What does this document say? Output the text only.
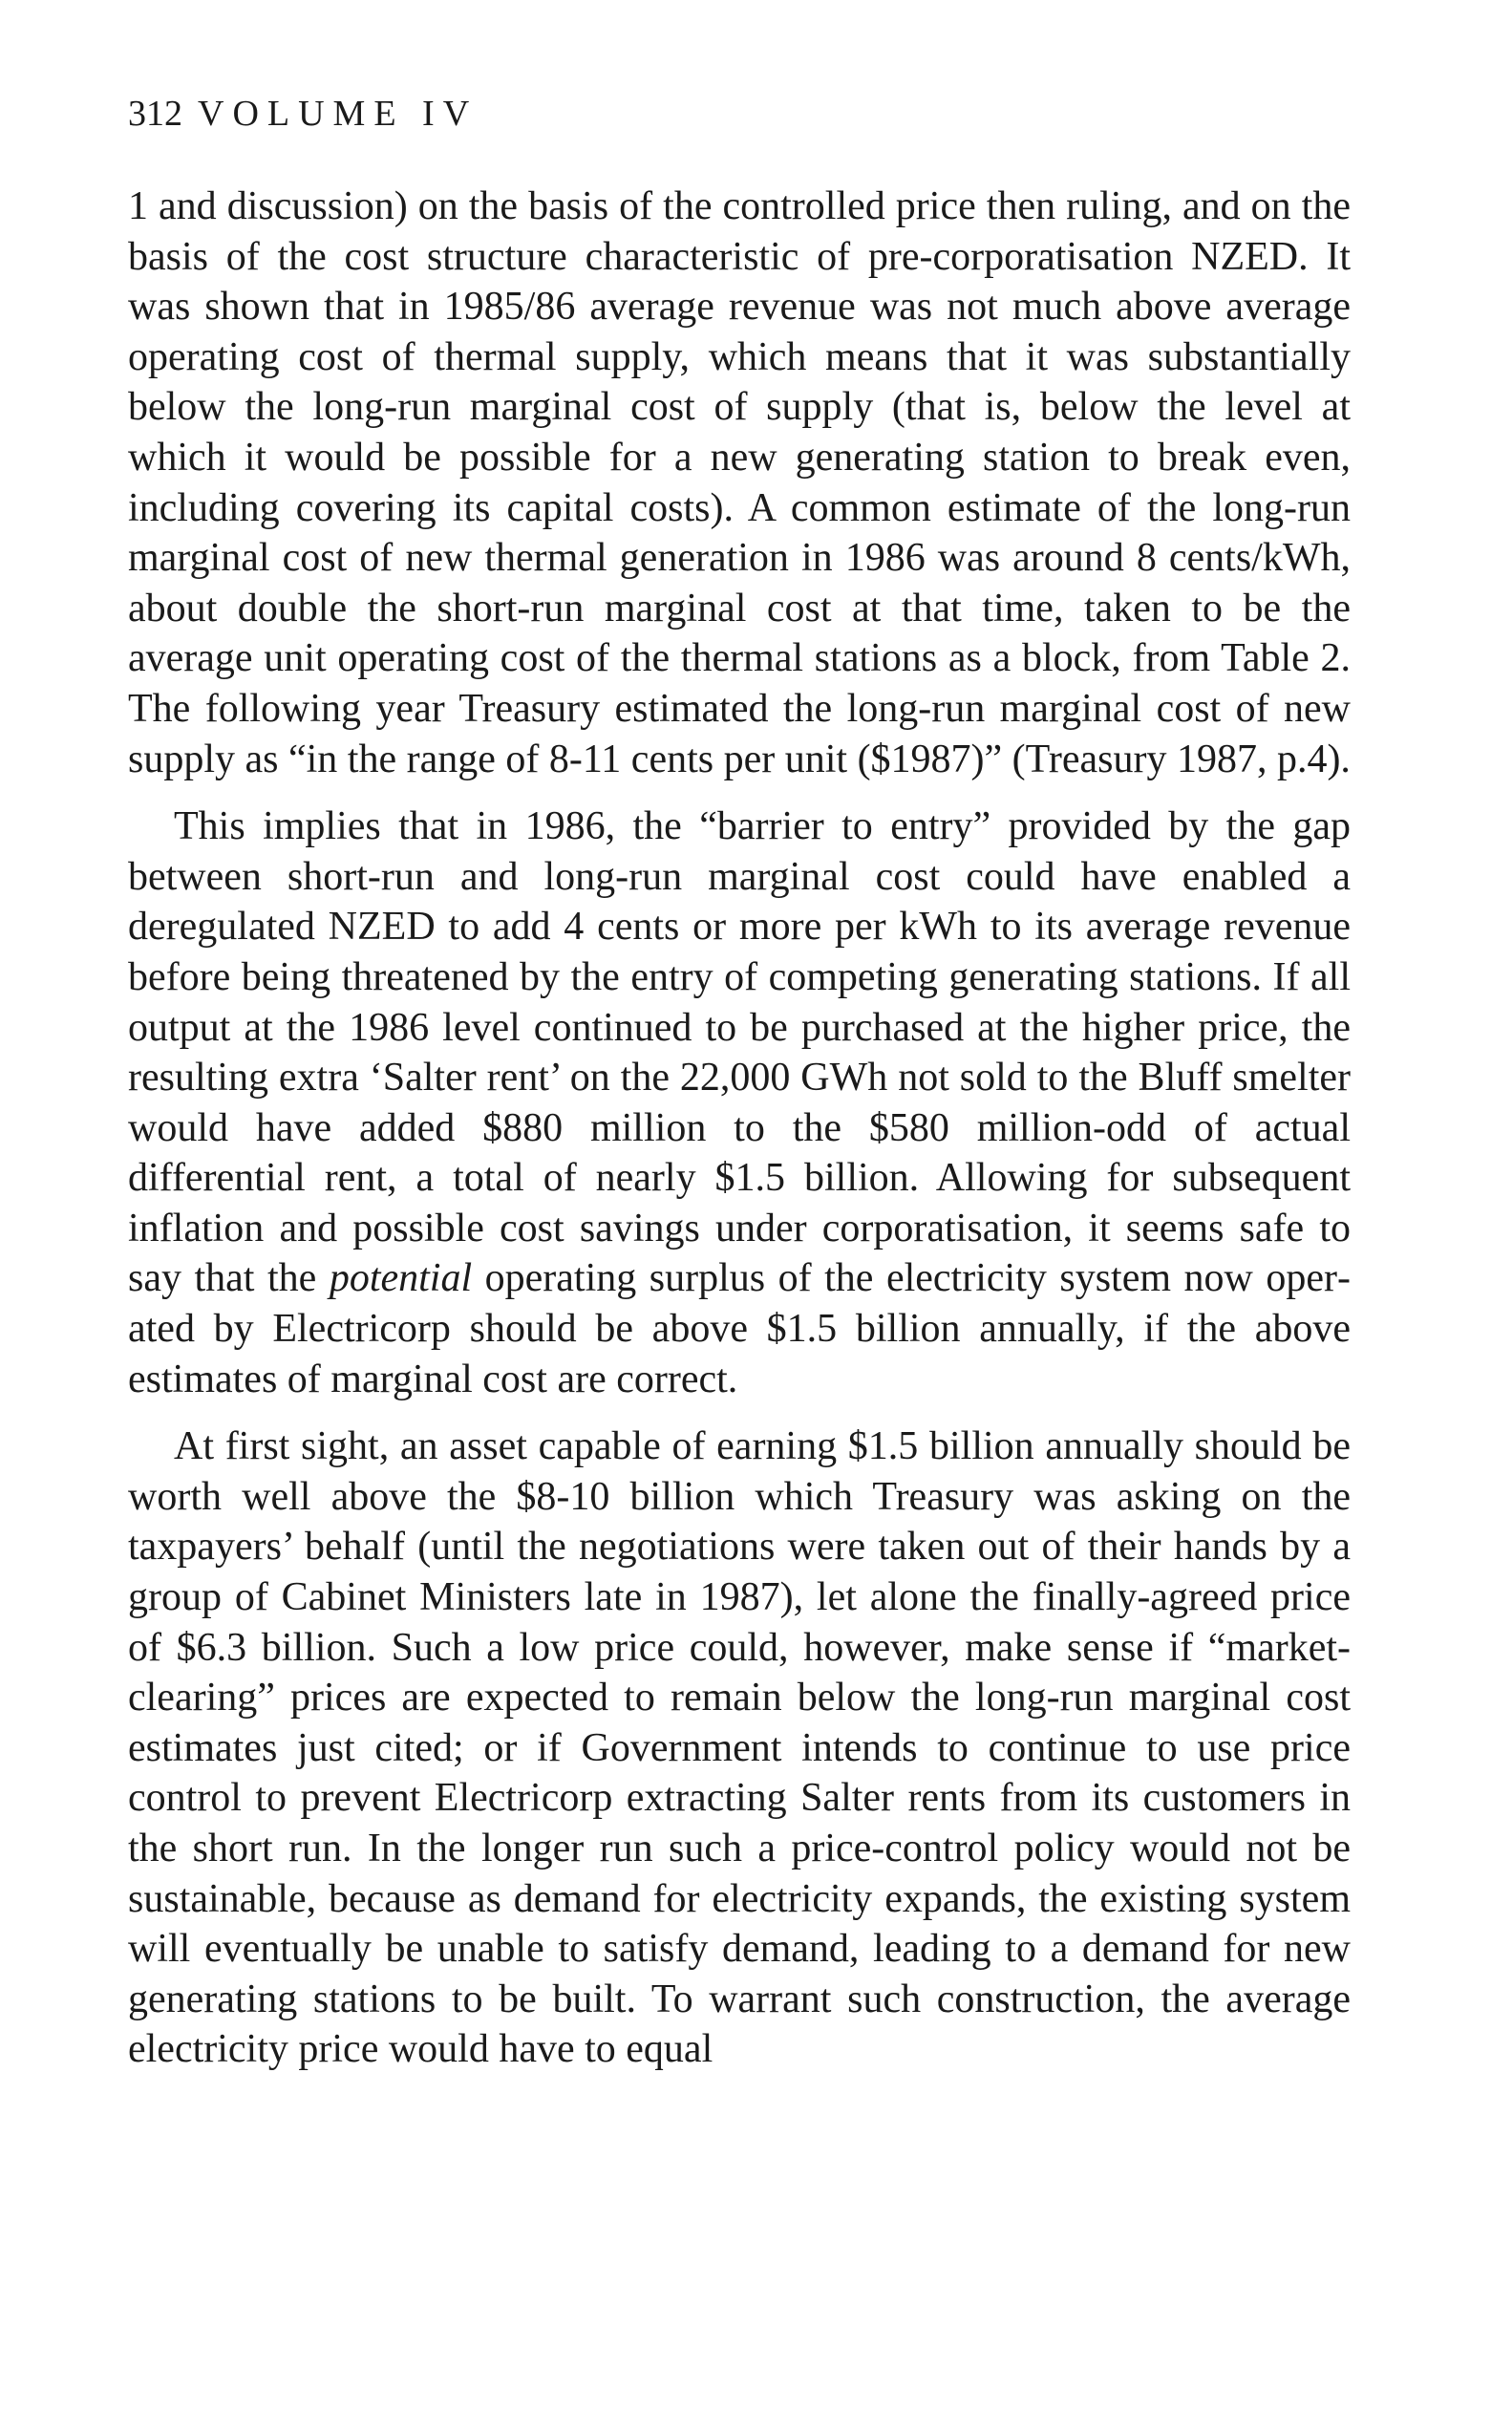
312 VOLUME IV

1 and discussion) on the basis of the controlled price then ruling, and on the basis of the cost structure characteristic of pre-corporatisation NZED. It was shown that in 1985/86 average revenue was not much above average operating cost of thermal supply, which means that it was substantially below the long-run marginal cost of supply (that is, below the level at which it would be possible for a new generating station to break even, including covering its capital costs). A common estimate of the long-run marginal cost of new thermal generation in 1986 was around 8 cents/kWh, about double the short-run marginal cost at that time, taken to be the average unit operating cost of the thermal stations as a block, from Table 2. The following year Treasury estimated the long-run marginal cost of new supply as “in the range of 8-11 cents per unit ($1987)” (Treasury 1987, p.4).

This implies that in 1986, the “barrier to entry” provided by the gap between short-run and long-run marginal cost could have enabled a deregulated NZED to add 4 cents or more per kWh to its average revenue before being threatened by the entry of competing generating stations. If all output at the 1986 level continued to be purchased at the higher price, the resulting extra ‘Salter rent’ on the 22,000 GWh not sold to the Bluff smelter would have added $880 million to the $580 million-odd of actual differential rent, a total of nearly $1.5 billion. Allowing for subsequent inflation and possible cost savings under corporatisation, it seems safe to say that the potential operating surplus of the electricity system now operated by Electricorp should be above $1.5 billion annually, if the above estimates of marginal cost are correct.

At first sight, an asset capable of earning $1.5 billion annually should be worth well above the $8-10 billion which Treasury was asking on the taxpayers’ behalf (until the negotiations were taken out of their hands by a group of Cabinet Ministers late in 1987), let alone the finally-agreed price of $6.3 billion. Such a low price could, however, make sense if “market-clearing” prices are expected to remain below the long-run marginal cost estimates just cited; or if Government intends to continue to use price control to prevent Electricorp extracting Salter rents from its customers in the short run. In the longer run such a price-control policy would not be sustainable, because as demand for electricity expands, the existing system will eventually be unable to satisfy demand, leading to a demand for new generating stations to be built. To warrant such construction, the average electricity price would have to equal
